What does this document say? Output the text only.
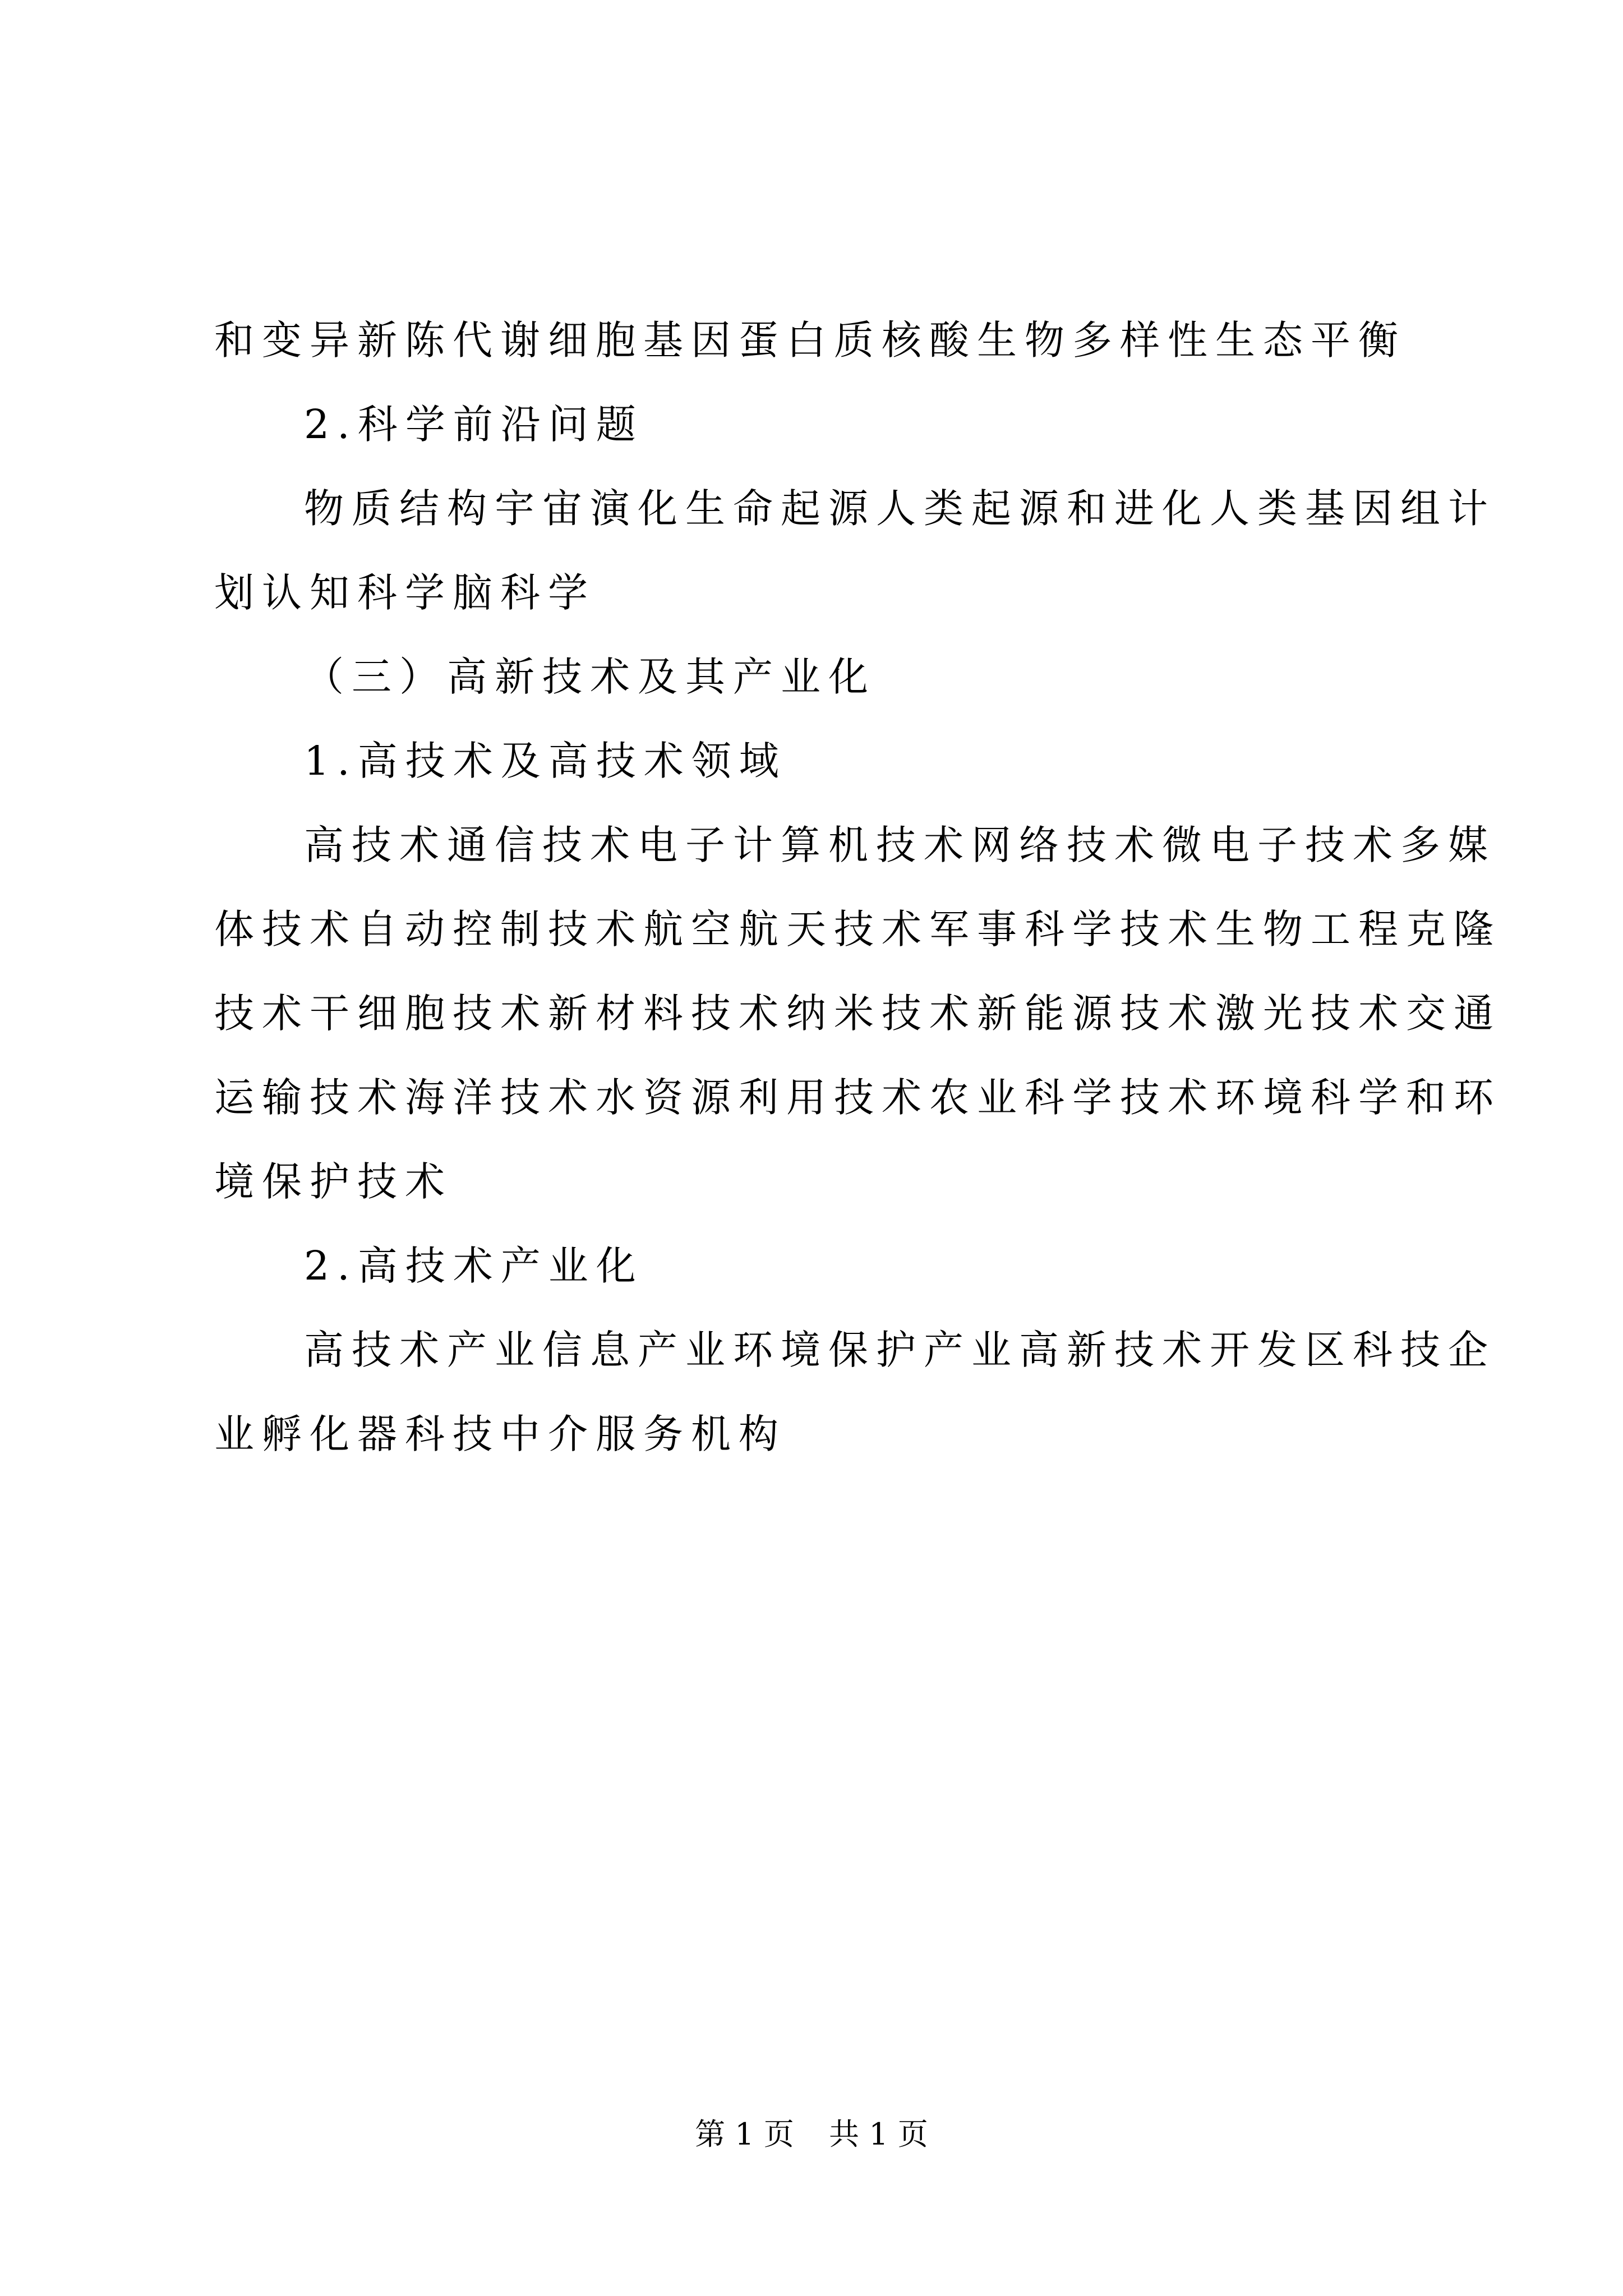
和变异新陈代谢细胞基因蛋白质核酸生物多样性生态平衡
2.科学前沿问题
物质结构宇宙演化生命起源人类起源和进化人类基因组计
划认知科学脑科学
（三）高新技术及其产业化
1.高技术及高技术领域
高技术通信技术电子计算机技术网络技术微电子技术多媒
体技术自动控制技术航空航天技术军事科学技术生物工程克隆
技术干细胞技术新材料技术纳米技术新能源技术激光技术交通
运输技术海洋技术水资源利用技术农业科学技术环境科学和环
境保护技术
2.高技术产业化
高技术产业信息产业环境保护产业高新技术开发区科技企
业孵化器科技中介服务机构
第 1 页 共 1 页
